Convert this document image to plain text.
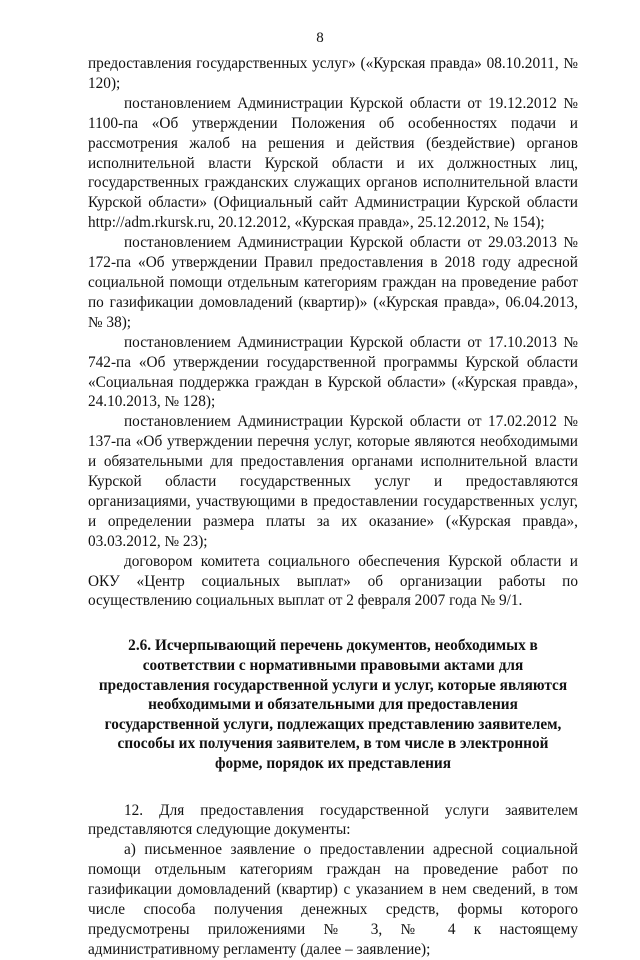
8

предоставления государственных услуг» («Курская правда» 08.10.2011, № 120);

постановлением Администрации Курской области от 19.12.2012 № 1100-па «Об утверждении Положения об особенностях подачи и рассмотрения жалоб на решения и действия (бездействие) органов исполнительной власти Курской области и их должностных лиц, государственных гражданских служащих органов исполнительной власти Курской области» (Официальный сайт Администрации Курской области http://adm.rkursk.ru, 20.12.2012, «Курская правда», 25.12.2012, № 154);

постановлением Администрации Курской области от 29.03.2013 № 172-па «Об утверждении Правил предоставления в 2018 году адресной социальной помощи отдельным категориям граждан на проведение работ по газификации домовладений (квартир)» («Курская правда», 06.04.2013, № 38);

постановлением Администрации Курской области от 17.10.2013 № 742-па «Об утверждении государственной программы Курской области «Социальная поддержка граждан в Курской области» («Курская правда», 24.10.2013, № 128);

постановлением Администрации Курской области от 17.02.2012 № 137-па «Об утверждении перечня услуг, которые являются необходимыми и обязательными для предоставления органами исполнительной власти Курской области государственных услуг и предоставляются организациями, участвующими в предоставлении государственных услуг, и определении размера платы за их оказание» («Курская правда», 03.03.2012, № 23);

договором комитета социального обеспечения Курской области и ОКУ «Центр социальных выплат» об организации работы по осуществлению социальных выплат от 2 февраля 2007 года № 9/1.

2.6. Исчерпывающий перечень документов, необходимых в соответствии с нормативными правовыми актами для предоставления государственной услуги и услуг, которые являются необходимыми и обязательными для предоставления государственной услуги, подлежащих представлению заявителем, способы их получения заявителем, в том числе в электронной форме, порядок их представления

12. Для предоставления государственной услуги заявителем представляются следующие документы:

а) письменное заявление о предоставлении адресной социальной помощи отдельным категориям граждан на проведение работ по газификации домовладений (квартир) с указанием в нем сведений, в том числе способа получения денежных средств, формы которого предусмотрены приложениями № 3, № 4 к настоящему административному регламенту (далее – заявление);
